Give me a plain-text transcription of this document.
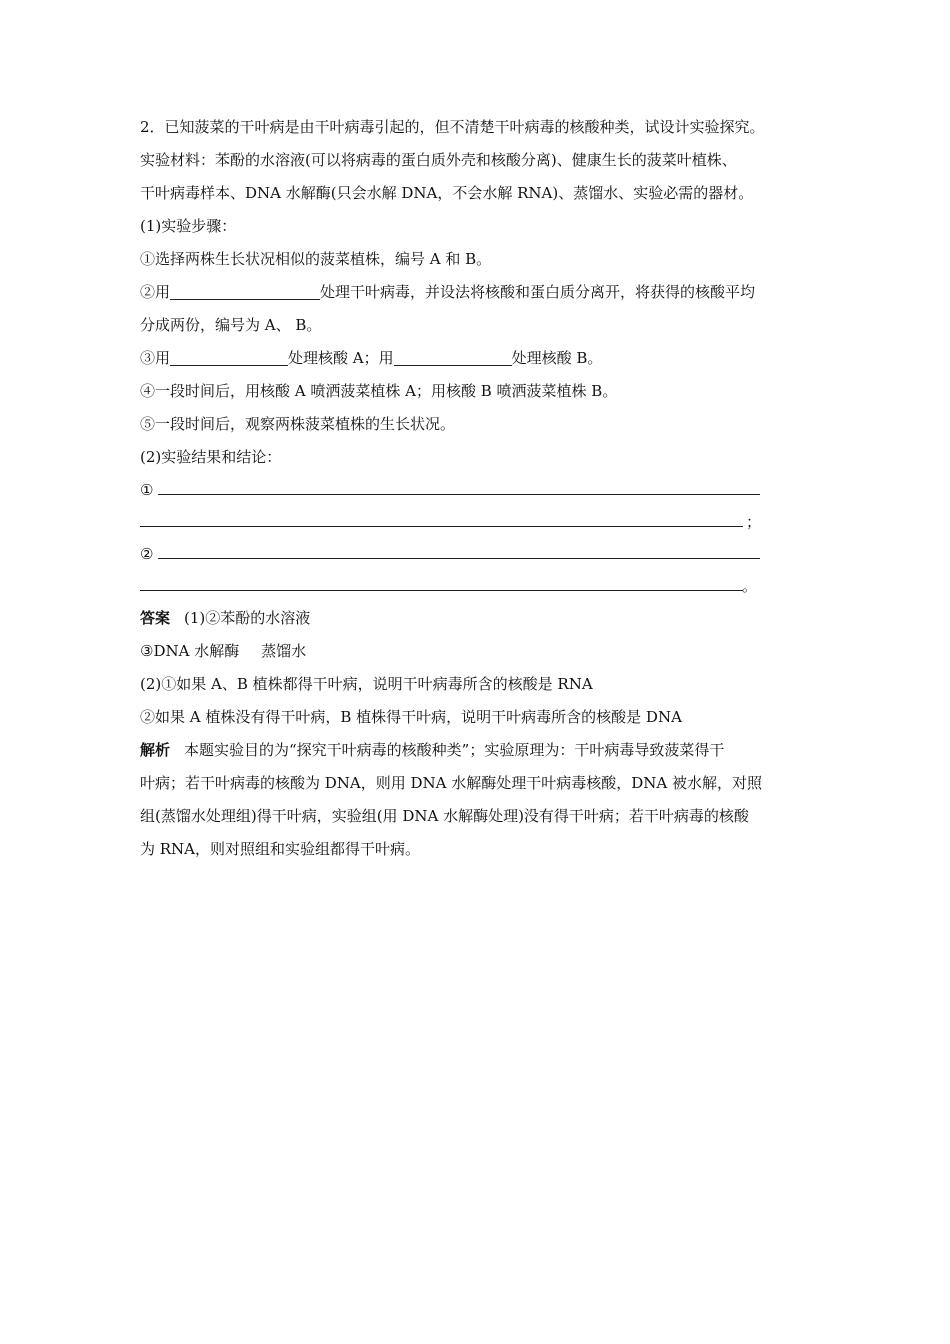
2．已知菠菜的干叶病是由干叶病毒引起的，但不清楚干叶病毒的核酸种类，试设计实验探究。
实验材料：苯酚的水溶液(可以将病毒的蛋白质外壳和核酸分离)、健康生长的菠菜叶植株、
干叶病毒样本、DNA 水解酶(只会水解 DNA，不会水解 RNA)、蒸馏水、实验必需的器材。
(1)实验步骤：
①选择两株生长状况相似的菠菜植株，编号 A 和 B。
②用	处理干叶病毒，并设法将核酸和蛋白质分离开，将获得的核酸平均
分成两份，编号为 A、 B。
③用	处理核酸 A；用	处理核酸 B。
④一段时间后，用核酸 A 喷洒菠菜植株 A；用核酸 B 喷洒菠菜植株 B。
⑤一段时间后，观察两株菠菜植株的生长状况。
(2)实验结果和结论：
①
；
②
。
答案 (1)②苯酚的水溶液
③DNA 水解酶 蒸馏水
(2)①如果 A、B 植株都得干叶病，说明干叶病毒所含的核酸是 RNA
②如果 A 植株没有得干叶病，B 植株得干叶病，说明干叶病毒所含的核酸是 DNA
解析 本题实验目的为“探究干叶病毒的核酸种类”；实验原理为：干叶病毒导致菠菜得干
叶病；若干叶病毒的核酸为 DNA，则用 DNA 水解酶处理干叶病毒核酸，DNA 被水解，对照
组(蒸馏水处理组)得干叶病，实验组(用 DNA 水解酶处理)没有得干叶病；若干叶病毒的核酸
为 RNA，则对照组和实验组都得干叶病。
